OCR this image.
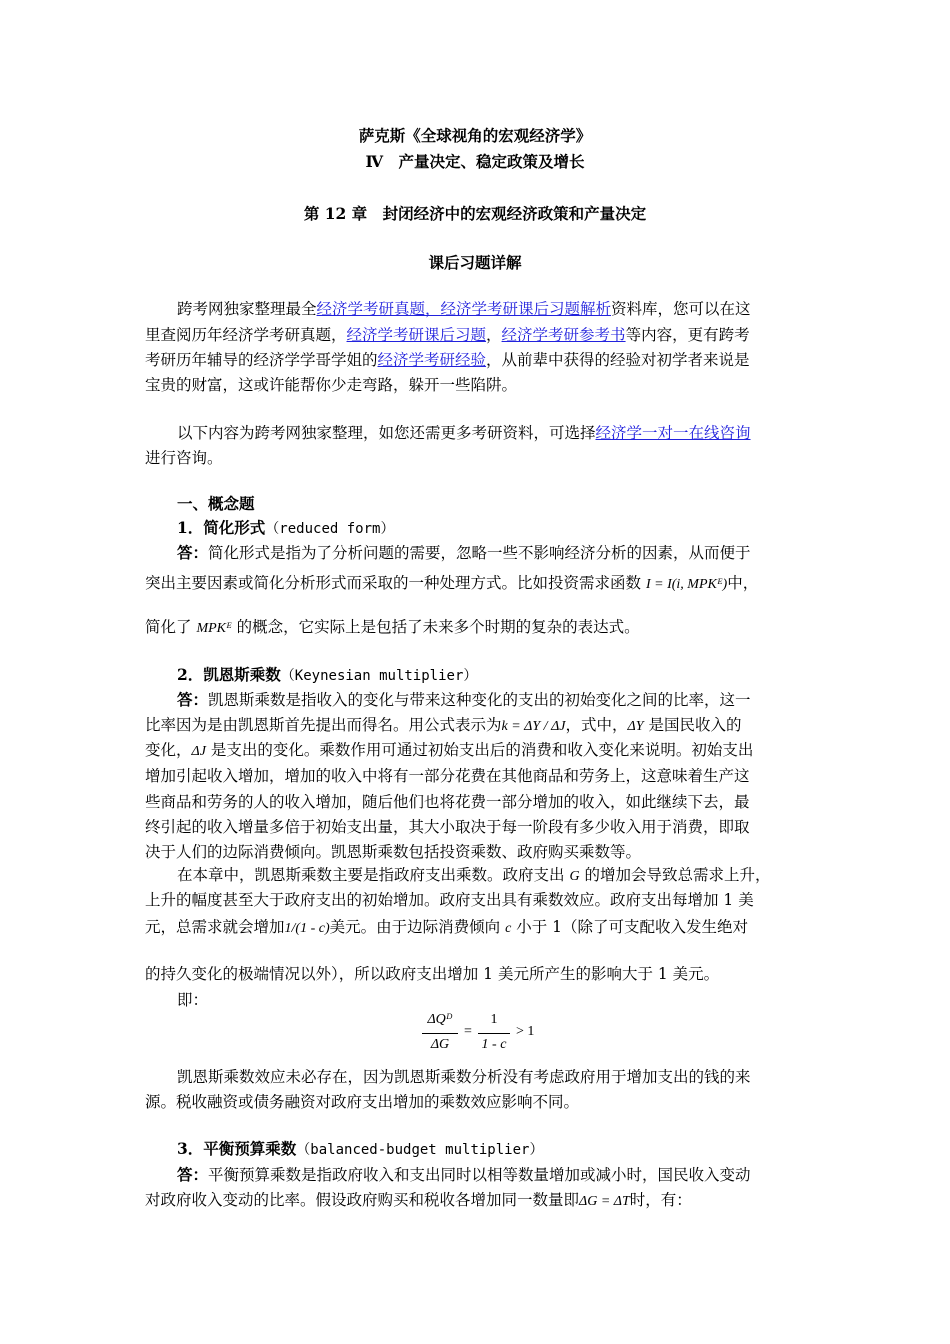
萨克斯《全球视角的宏观经济学》
Ⅳ　产量决定、稳定政策及增长
第 12 章　封闭经济中的宏观经济政策和产量决定
课后习题详解
跨考网独家整理最全经济学考研真题，经济学考研课后习题解析资料库，您可以在这
里查阅历年经济学考研真题，经济学考研课后习题，经济学考研参考书等内容，更有跨考
考研历年辅导的经济学学哥学姐的经济学考研经验，从前辈中获得的经验对初学者来说是
宝贵的财富，这或许能帮你少走弯路，躲开一些陷阱。
以下内容为跨考网独家整理，如您还需更多考研资料，可选择经济学一对一在线咨询
进行咨询。
一、概念题
1．简化形式（reduced form）
答：简化形式是指为了分析问题的需要，忽略一些不影响经济分析的因素，从而便于
突出主要因素或简化分析形式而采取的一种处理方式。比如投资需求函数 I = I(i, MPKᴱ)中，
简化了 MPKᴱ 的概念，它实际上是包括了未来多个时期的复杂的表达式。
2．凯恩斯乘数（Keynesian multiplier）
答：凯恩斯乘数是指收入的变化与带来这种变化的支出的初始变化之间的比率，这一
比率因为是由凯恩斯首先提出而得名。用公式表示为k = ΔY / ΔJ，式中，ΔY 是国民收入的
变化，ΔJ 是支出的变化。乘数作用可通过初始支出后的消费和收入变化来说明。初始支出
增加引起收入增加，增加的收入中将有一部分花费在其他商品和劳务上，这意味着生产这
些商品和劳务的人的收入增加，随后他们也将花费一部分增加的收入，如此继续下去，最
终引起的收入增量多倍于初始支出量，其大小取决于每一阶段有多少收入用于消费，即取
决于人们的边际消费倾向。凯恩斯乘数包括投资乘数、政府购买乘数等。
在本章中，凯恩斯乘数主要是指政府支出乘数。政府支出 G 的增加会导致总需求上升，
上升的幅度甚至大于政府支出的初始增加。政府支出具有乘数效应。政府支出每增加 1 美
元，总需求就会增加1/(1 - c)美元。由于边际消费倾向 c 小于 1（除了可支配收入发生绝对
的持久变化的极端情况以外），所以政府支出增加 1 美元所产生的影响大于 1 美元。
即：
ΔQᴰ
ΔG
=
1
1 - c
> 1
凯恩斯乘数效应未必存在，因为凯恩斯乘数分析没有考虑政府用于增加支出的钱的来
源。税收融资或债务融资对政府支出增加的乘数效应影响不同。
3．平衡预算乘数（balanced-budget multiplier）
答：平衡预算乘数是指政府收入和支出同时以相等数量增加或减小时，国民收入变动
对政府收入变动的比率。假设政府购买和税收各增加同一数量即ΔG = ΔT时，有：
